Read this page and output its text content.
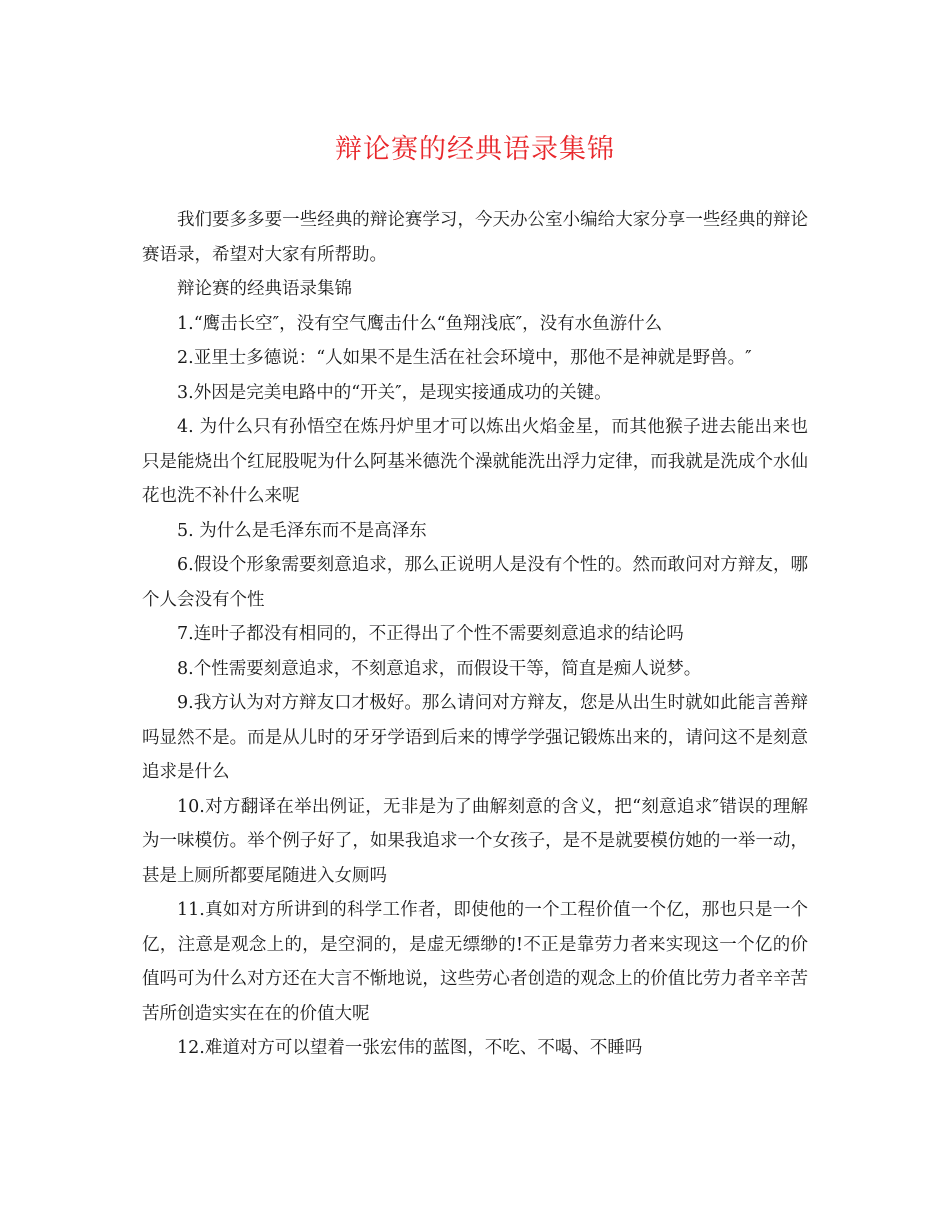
辩论赛的经典语录集锦

我们要多多要一些经典的辩论赛学习，今天办公室小编给大家分享一些经典的辩论赛语录，希望对大家有所帮助。

辩论赛的经典语录集锦

1.“鹰击长空″，没有空气鹰击什么“鱼翔浅底″，没有水鱼游什么

2.亚里士多德说：“人如果不是生活在社会环境中，那他不是神就是野兽。″

3.外因是完美电路中的“开关″，是现实接通成功的关键。

4. 为什么只有孙悟空在炼丹炉里才可以炼出火焰金星，而其他猴子进去能出来也只是能烧出个红屁股呢为什么阿基米德洗个澡就能洗出浮力定律，而我就是洗成个水仙花也洗不补什么来呢

5. 为什么是毛泽东而不是高泽东

6.假设个形象需要刻意追求，那么正说明人是没有个性的。然而敢问对方辩友，哪个人会没有个性

7.连叶子都没有相同的，不正得出了个性不需要刻意追求的结论吗

8.个性需要刻意追求，不刻意追求，而假设干等，简直是痴人说梦。

9.我方认为对方辩友口才极好。那么请问对方辩友，您是从出生时就如此能言善辩吗显然不是。而是从儿时的牙牙学语到后来的博学学强记锻炼出来的，请问这不是刻意追求是什么

10.对方翻译在举出例证，无非是为了曲解刻意的含义，把“刻意追求″错误的理解为一味模仿。举个例子好了，如果我追求一个女孩子，是不是就要模仿她的一举一动，甚是上厕所都要尾随进入女厕吗

11.真如对方所讲到的科学工作者，即使他的一个工程价值一个亿，那也只是一个亿，注意是观念上的，是空洞的，是虚无缥缈的!不正是靠劳力者来实现这一个亿的价值吗可为什么对方还在大言不惭地说，这些劳心者创造的观念上的价值比劳力者辛辛苦苦所创造实实在在的价值大呢

12.难道对方可以望着一张宏伟的蓝图，不吃、不喝、不睡吗
